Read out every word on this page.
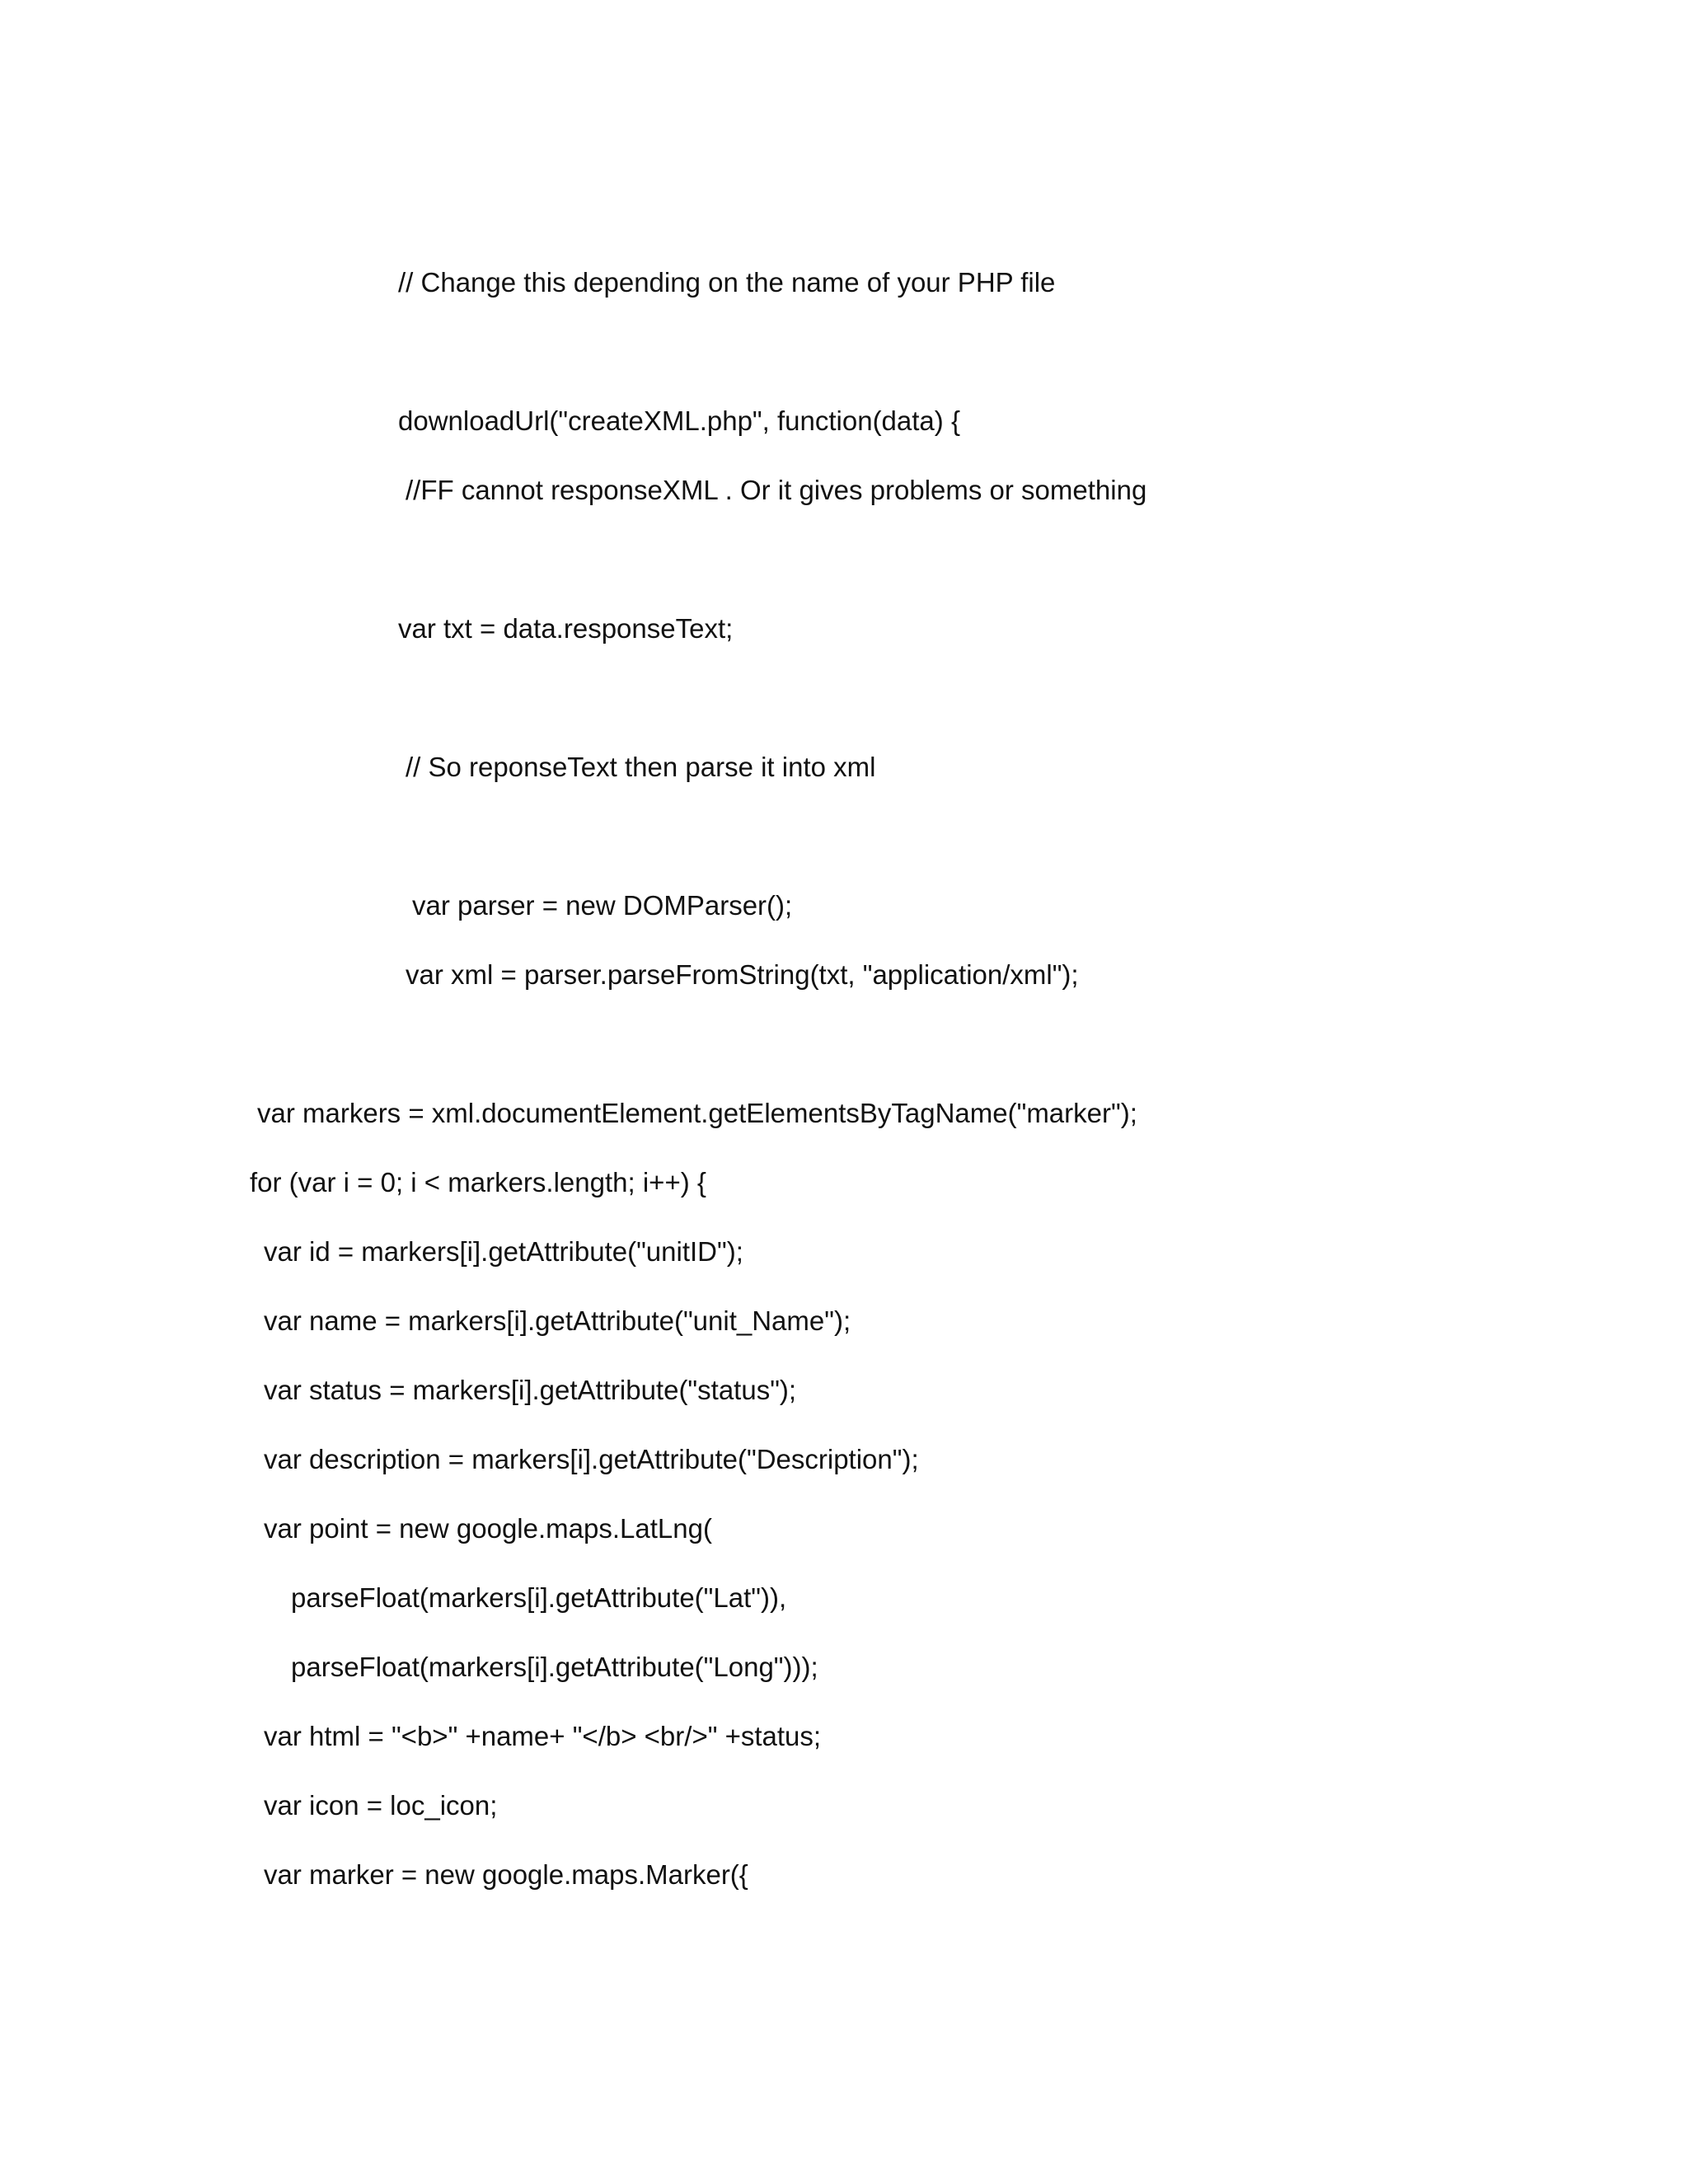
// Change this depending on the name of your PHP file
downloadUrl("createXML.php", function(data) {
//FF cannot responseXML . Or it gives problems or something
var txt = data.responseText;
// So reponseText then parse it into xml
var parser = new DOMParser();
var xml = parser.parseFromString(txt, "application/xml");
var markers = xml.documentElement.getElementsByTagName("marker");
for (var i = 0; i < markers.length; i++) {
var id = markers[i].getAttribute("unitID");
var name = markers[i].getAttribute("unit_Name");
var status = markers[i].getAttribute("status");
var description = markers[i].getAttribute("Description");
var point = new google.maps.LatLng(
parseFloat(markers[i].getAttribute("Lat")),
parseFloat(markers[i].getAttribute("Long")));
var html = "<b>" +name+ "</b> <br/>" +status;
var icon = loc_icon;
var marker = new google.maps.Marker({
